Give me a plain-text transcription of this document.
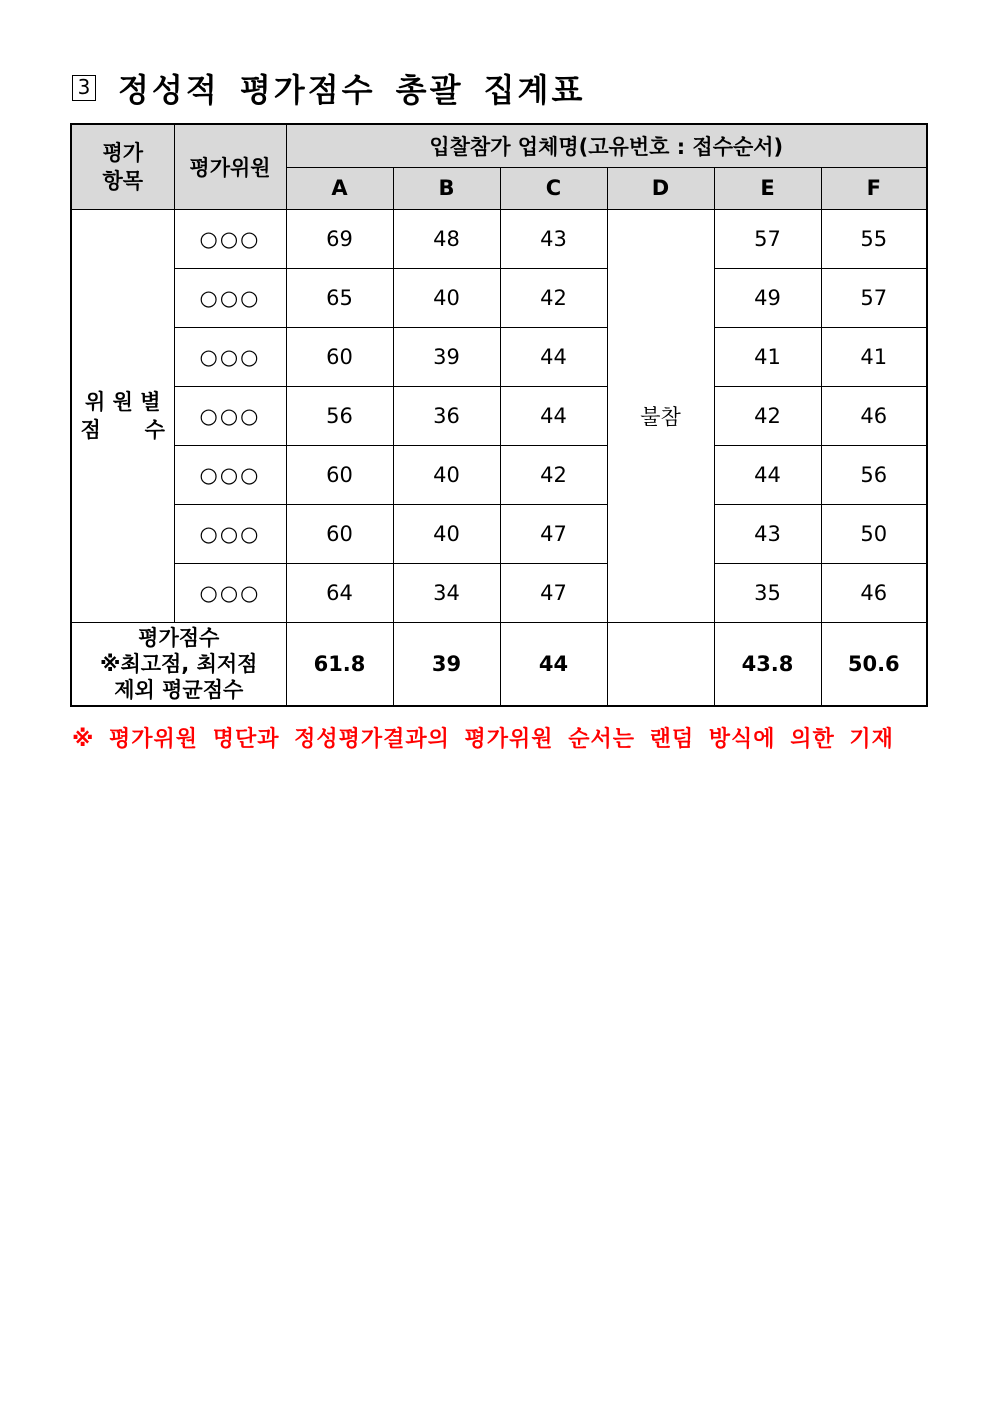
3 정성적 평가점수 총괄 집계표
평가
항목	평가위원	입찰참가 업체명(고유번호 : 접수순서)					
		A	B	C	D	E	F
위 원 별
점      수	○○○	69	48	43	불참	57	55
	○○○	65	40	42		49	57
	○○○	60	39	44		41	41
	○○○	56	36	44		42	46
	○○○	60	40	42		44	56
	○○○	60	40	47		43	50
	○○○	64	34	47		35	46
평가점수
※최고점, 최저점
제외 평균점수		61.8	39	44		43.8	50.6
※ 평가위원 명단과 정성평가결과의 평가위원 순서는 랜덤 방식에 의한 기재
